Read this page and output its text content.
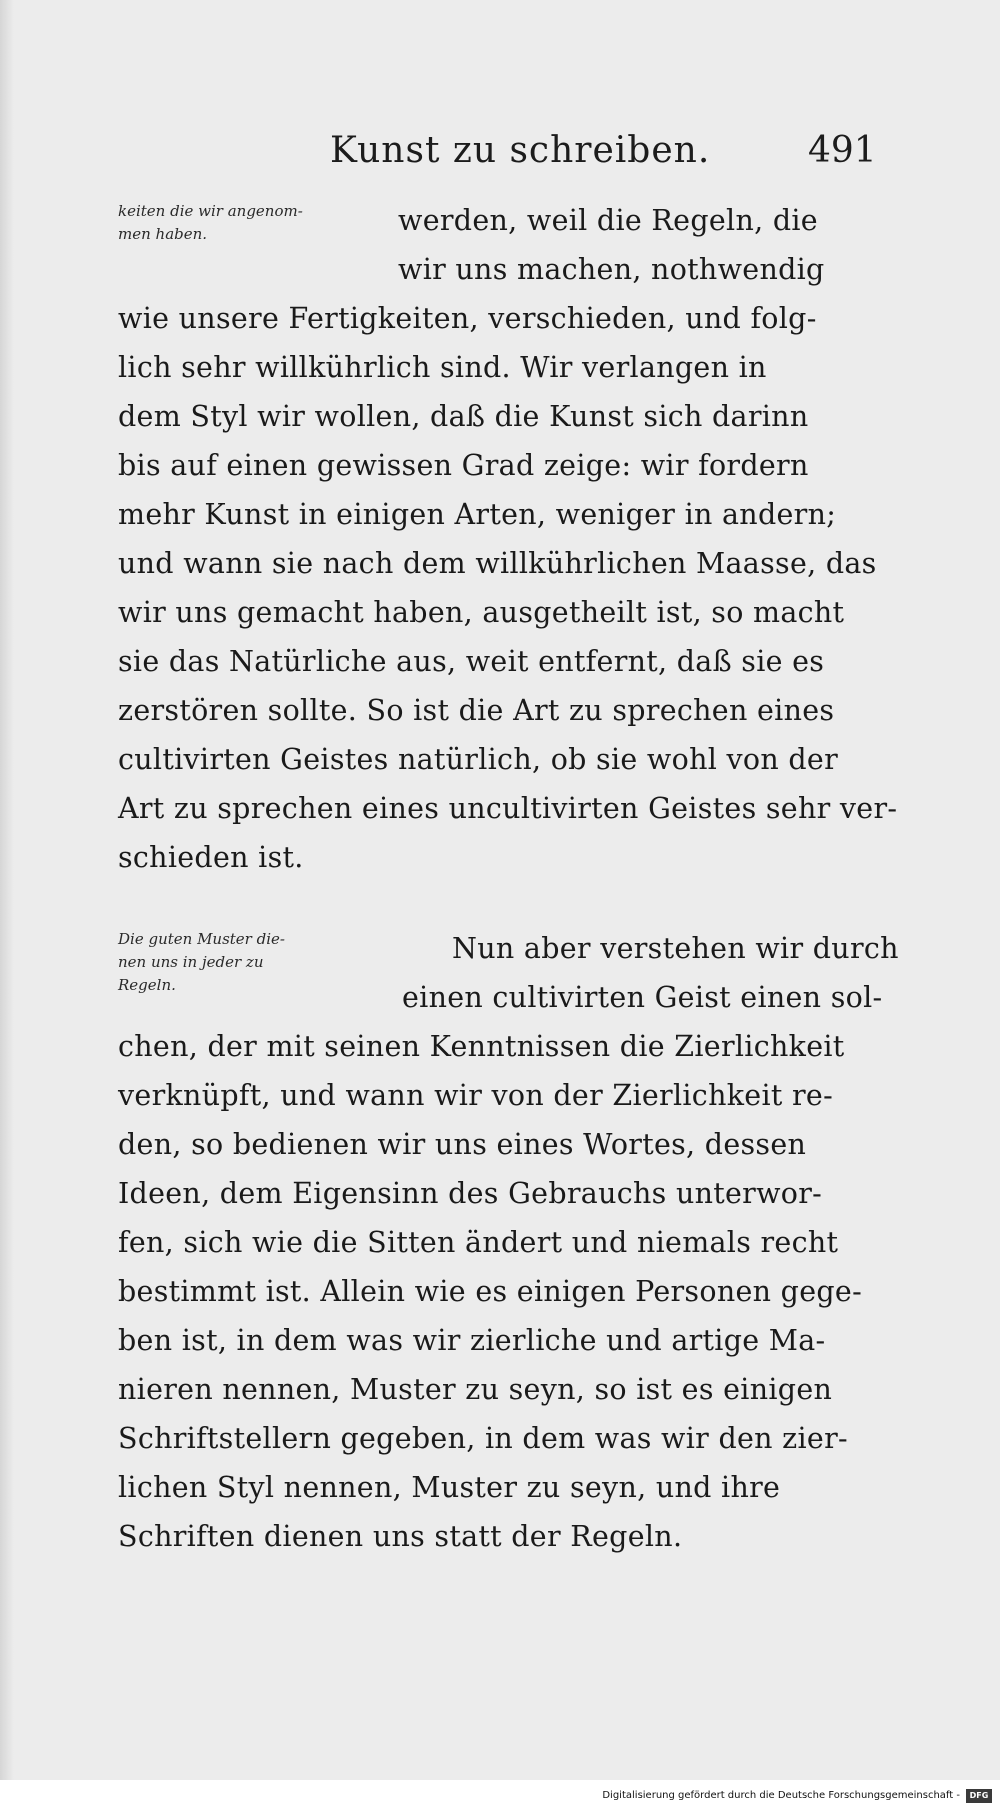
Kunst zu schreiben.	491
keiten die wir angenom-
men haben.
Die guten Muster die-
nen uns in jeder zu
Regeln.
werden, weil die Regeln, die
wir uns machen, nothwendig
wie unsere Fertigkeiten, verschieden, und folg-
lich sehr willkührlich sind. Wir verlangen in
dem Styl wir wollen, daß die Kunst sich darinn
bis auf einen gewissen Grad zeige: wir fordern
mehr Kunst in einigen Arten, weniger in andern;
und wann sie nach dem willkührlichen Maasse, das
wir uns gemacht haben, ausgetheilt ist, so macht
sie das Natürliche aus, weit entfernt, daß sie es
zerstören sollte. So ist die Art zu sprechen eines
cultivirten Geistes natürlich, ob sie wohl von der
Art zu sprechen eines uncultivirten Geistes sehr ver-
schieden ist.
Nun aber verstehen wir durch
einen cultivirten Geist einen sol-
chen, der mit seinen Kenntnissen die Zierlichkeit
verknüpft, und wann wir von der Zierlichkeit re-
den, so bedienen wir uns eines Wortes, dessen
Ideen, dem Eigensinn des Gebrauchs unterwor-
fen, sich wie die Sitten ändert und niemals recht
bestimmt ist. Allein wie es einigen Personen gege-
ben ist, in dem was wir zierliche und artige Ma-
nieren nennen, Muster zu seyn, so ist es einigen
Schriftstellern gegeben, in dem was wir den zier-
lichen Styl nennen, Muster zu seyn, und ihre
Schriften dienen uns statt der Regeln.
Digitalisierung gefördert durch die Deutsche Forschungsgemeinschaft -	DFG
